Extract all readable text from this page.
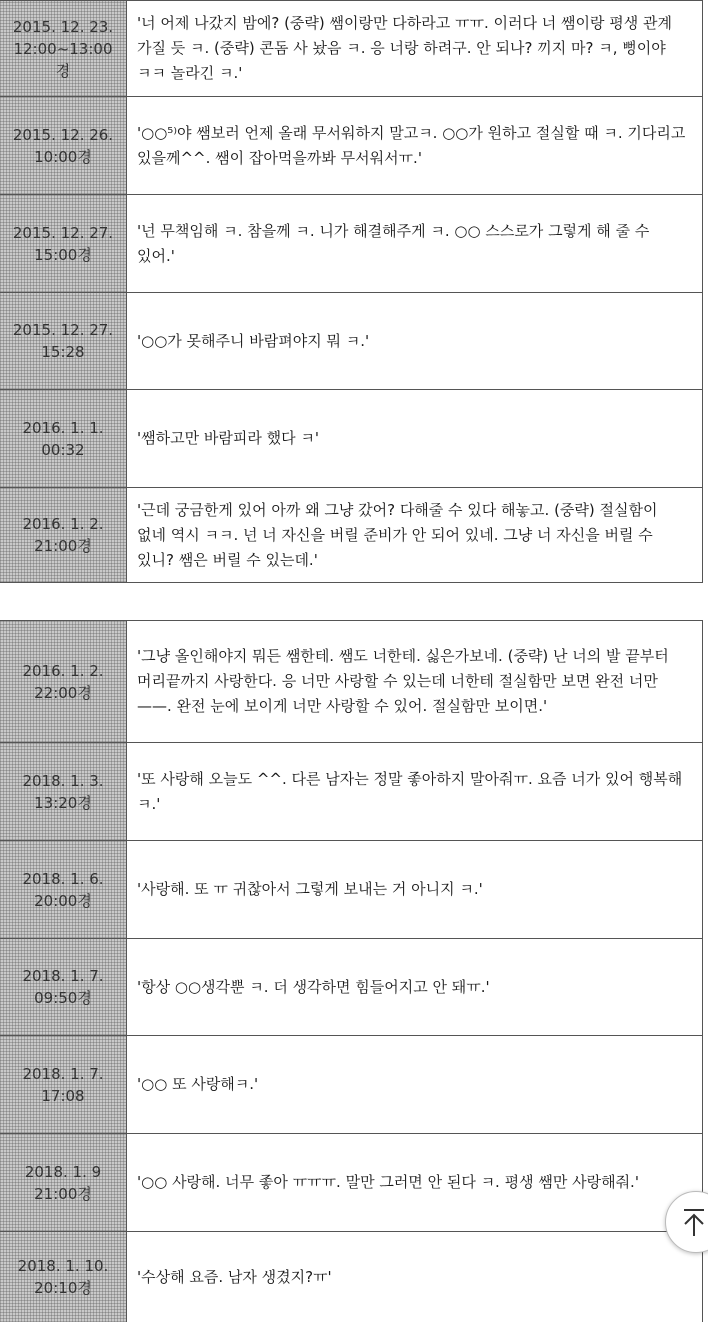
2015. 12. 23.
12:00~13:00
경

'너 어제 나갔지 밤에? (중략) 쌤이랑만 다하라고 ㅠㅠ. 이러다 너 쌤이랑 평생 관계 가질 듯 ㅋ. (중략) 콘돔 사 놨음 ㅋ. 응 너랑 하려구. 안 되나? 끼지 마? ㅋ, 뻥이야 ㅋㅋ 놀라긴 ㅋ.'

2015. 12. 26.
10:00경

'○○⁵⁾야 쌤보러 언제 올래 무서워하지 말고ㅋ. ○○가 원하고 절실할 때 ㅋ. 기다리고 있을께^^. 쌤이 잡아먹을까봐 무서워서ㅠ.'

2015. 12. 27.
15:00경

'넌 무책임해 ㅋ. 참을께 ㅋ. 니가 해결해주게 ㅋ. ○○ 스스로가 그렇게 해 줄 수 있어.'

2015. 12. 27.
15:28

'○○가 못해주니 바람펴야지 뭐 ㅋ.'

2016. 1. 1.
00:32

'쌤하고만 바람피라 했다 ㅋ'

2016. 1. 2.
21:00경

'근데 궁금한게 있어 아까 왜 그냥 갔어? 다해줄 수 있다 해놓고. (중략) 절실함이 없네 역시 ㅋㅋ. 넌 너 자신을 버릴 준비가 안 되어 있네. 그냥 너 자신을 버릴 수 있니? 쌤은 버릴 수 있는데.'

2016. 1. 2.
22:00경

'그냥 올인해야지 뭐든 쌤한테. 쌤도 너한테. 싫은가보네. (중략) 난 너의 발 끝부터 머리끝까지 사랑한다. 응 너만 사랑할 수 있는데 너한테 절실함만 보면 완전 너만——. 완전 눈에 보이게 너만 사랑할 수 있어. 절실함만 보이면.'

2018. 1. 3.
13:20경

'또 사랑해 오늘도 ^^. 다른 남자는 정말 좋아하지 말아줘ㅠ. 요즘 너가 있어 행복해 ㅋ.'

2018. 1. 6.
20:00경

'사랑해. 또 ㅠ 귀찮아서 그렇게 보내는 거 아니지 ㅋ.'

2018. 1. 7.
09:50경

'항상 ○○생각뿐 ㅋ. 더 생각하면 힘들어지고 안 돼ㅠ.'

2018. 1. 7.
17:08

'○○ 또 사랑해ㅋ.'

2018. 1. 9
21:00경

'○○ 사랑해. 너무 좋아 ㅠㅠㅠ. 말만 그러면 안 된다 ㅋ. 평생 쌤만 사랑해줘.'

2018. 1. 10.
20:10경

'수상해 요즘. 남자 생겼지?ㅠ'
